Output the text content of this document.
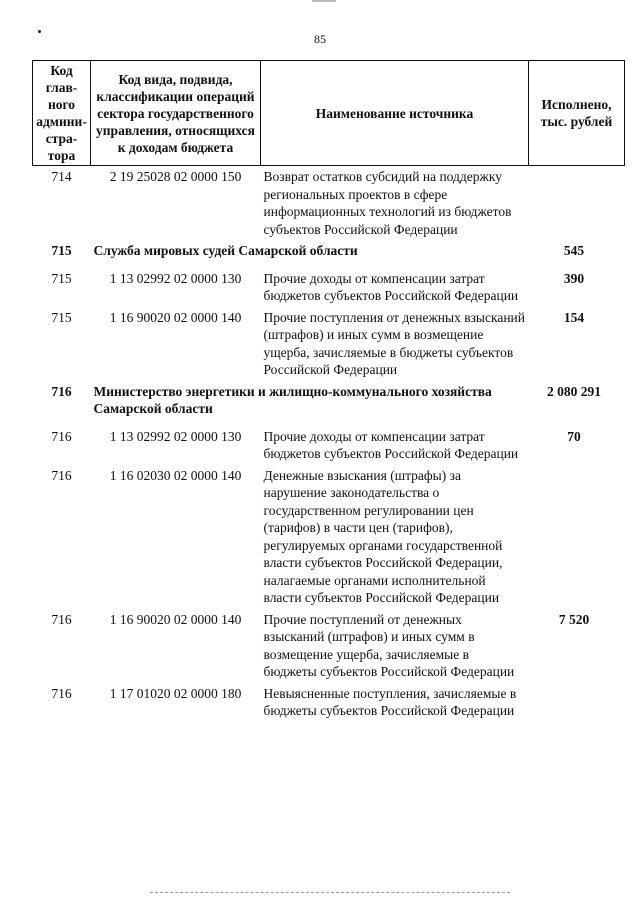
85
Код главного администратора	Код вида, подвида, классификации операций сектора государственного управления, относящихся к доходам бюджета	Наименование источника	Исполнено, тыс. рублей
714	2 19 25028 02 0000 150	Возврат остатков субсидий на поддержку региональных проектов в сфере информационных технологий из бюджетов субъектов Российской Федерации	
715	Служба мировых судей Самарской области		545
715	1 13 02992 02 0000 130	Прочие доходы от компенсации затрат бюджетов субъектов Российской Федерации	390
715	1 16 90020 02 0000 140	Прочие поступления от денежных взысканий (штрафов) и иных сумм в возмещение ущерба, зачисляемые в бюджеты субъектов Российской Федерации	154
716	Министерство энергетики и жилищно-коммунального хозяйства Самарской области		2 080 291
716	1 13 02992 02 0000 130	Прочие доходы от компенсации затрат бюджетов субъектов Российской Федерации	70
716	1 16 02030 02 0000 140	Денежные взыскания (штрафы) за нарушение законодательства о государственном регулировании цен (тарифов) в части цен (тарифов), регулируемых органами государственной власти субъектов Российской Федерации, налагаемые органами исполнительной власти субъектов Российской Федерации	
716	1 16 90020 02 0000 140	Прочие поступлений от денежных взысканий (штрафов) и иных сумм в возмещение ущерба, зачисляемые в бюджеты субъектов Российской Федерации	7 520
716	1 17 01020 02 0000 180	Невыясненные поступления, зачисляемые в бюджеты субъектов Российской Федерации	
